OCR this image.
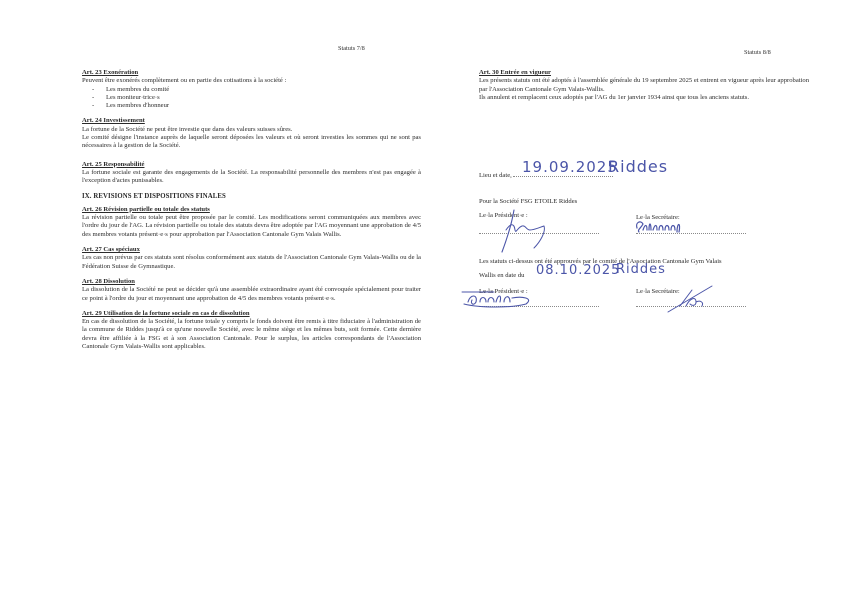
Statuts 7/8

Art. 23 Exonération

Peuvent être exonérés complètement ou en partie des cotisations à la société :

- Les membres du comité
- Les moniteur·trice·s
- Les membres d'honneur

Art. 24 Investissement

La fortune de la Société ne peut être investie que dans des valeurs suisses sûres.

Le comité désigne l'instance auprès de laquelle seront déposées les valeurs et où seront investies les sommes qui ne sont pas nécessaires à la gestion de la Société.

Art. 25 Responsabilité

La fortune sociale est garante des engagements de la Société. La responsabilité personnelle des membres n'est pas engagée à l'exception d'actes punissables.

IX. REVISIONS ET DISPOSITIONS FINALES

Art. 26 Révision partielle ou totale des statuts

La révision partielle ou totale peut être proposée par le comité. Les modifications seront communiquées aux membres avec l'ordre du jour de l'AG. La révision partielle ou totale des statuts devra être adoptée par l'AG moyennant une approbation de 4/5 des membres votants présent·e·s pour approbation par l'Association Cantonale Gym Valais Wallis.

Art. 27 Cas spéciaux

Les cas non prévus par ces statuts sont résolus conformément aux statuts de l'Association Cantonale Gym Valais-Wallis ou de la Fédération Suisse de Gymnastique.

Art. 28 Dissolution

La dissolution de la Société ne peut se décider qu'à une assemblée extraordinaire ayant été convoquée spécialement pour traiter ce point à l'ordre du jour et moyennant une approbation de 4/5 des membres votants présent·e·s.

Art. 29 Utilisation de la fortune sociale en cas de dissolution

En cas de dissolution de la Société, la fortune totale y compris le fonds doivent être remis à titre fiduciaire à l'administration de la commune de Riddes jusqu'à ce qu'une nouvelle Société, avec le même siège et les mêmes buts, soit formée. Cette dernière devra être affiliée à la FSG et à son Association Cantonale. Pour le surplus, les articles correspondants de l'Association Cantonale Gym Valais-Wallis sont applicables.

Statuts 8/8

Art. 30 Entrée en vigueur

Les présents statuts ont été adoptés à l'assemblée générale du 19 septembre 2025 et entrent en vigueur après leur approbation par l'Association Cantonale Gym Valais-Wallis.

Ils annulent et remplacent ceux adoptés par l'AG du 1er janvier 1934 ainsi que tous les anciens statuts.

Lieu et date, 19.09.2025
Riddes
Pour la Société FSG ETOILE Riddes
Le·la Président·e :	Le·la Secrétaire:
Les statuts ci-dessus ont été approuvés par le comité de l'Association Cantonale Gym Valais
Wallis en date du 08.10.2025
Riddes
Le·la Président·e :	Le·la Secrétaire:
